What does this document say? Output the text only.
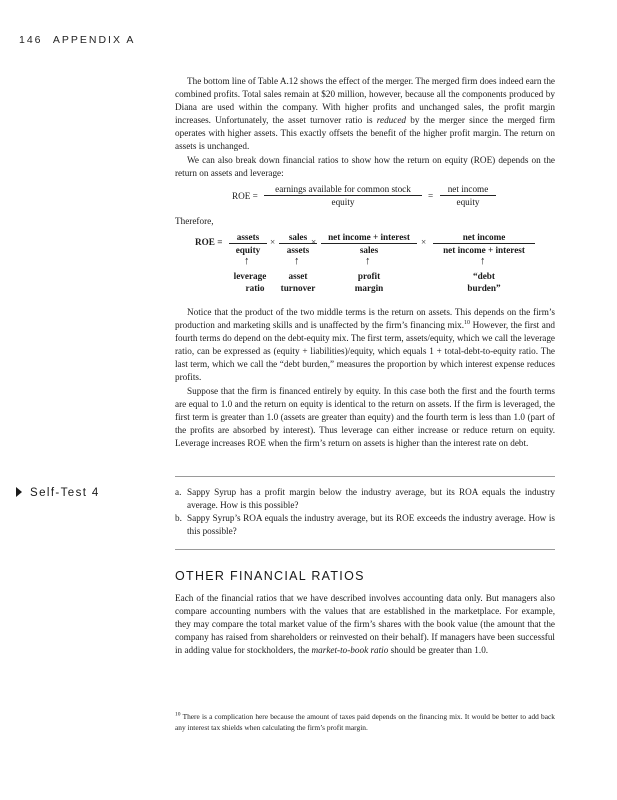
146 APPENDIX A

The bottom line of Table A.12 shows the effect of the merger. The merged firm does indeed earn the combined profits. Total sales remain at $20 million, however, because all the components produced by Diana are used within the company. With higher profits and unchanged sales, the profit margin increases. Unfortunately, the asset turnover ratio is reduced by the merger since the merged firm operates with higher assets. This exactly offsets the benefit of the higher profit margin. The return on assets is unchanged.

We can also break down financial ratios to show how the return on equity (ROE) depends on the return on assets and leverage:

ROE =
earnings available for common stock
equity
=
net income
equity
Therefore,
ROE =	assets
equity
×	sales
assets
×	net income + interest
sales
×	net income
net income + interest
↑	↑	↑	↑
leverage
ratio
asset
turnover
profit
margin
“debt
burden”

Notice that the product of the two middle terms is the return on assets. This depends on the firm’s production and marketing skills and is unaffected by the firm’s financing mix.$^{10}$ However, the first and fourth terms do depend on the debt-equity mix. The first term, assets/equity, which we call the leverage ratio, can be expressed as (equity + liabilities)/equity, which equals 1 + total-debt-to-equity ratio. The last term, which we call the “debt burden,” measures the proportion by which interest expense reduces profits.

Suppose that the firm is financed entirely by equity. In this case both the first and the fourth terms are equal to 1.0 and the return on equity is identical to the return on assets. If the firm is leveraged, the first term is greater than 1.0 (assets are greater than equity) and the fourth term is less than 1.0 (part of the profits are absorbed by interest). Thus leverage can either increase or reduce return on equity. Leverage increases ROE when the firm’s return on assets is higher than the interest rate on debt.

Self-Test 4	a. Sappy Syrup has a profit margin below the industry average, but its ROA equals the industry average. How is this possible?
b. Sappy Syrup’s ROA equals the industry average, but its ROE exceeds the industry average. How is this possible?
OTHER FINANCIAL RATIOS

Each of the financial ratios that we have described involves accounting data only. But managers also compare accounting numbers with the values that are established in the marketplace. For example, they may compare the total market value of the firm’s shares with the book value (the amount that the company has raised from shareholders or reinvested on their behalf). If managers have been successful in adding value for stockholders, the market-to-book ratio should be greater than 1.0.

$^{10}$ There is a complication here because the amount of taxes paid depends on the financing mix. It would be better to add back any interest tax shields when calculating the firm’s profit margin.
